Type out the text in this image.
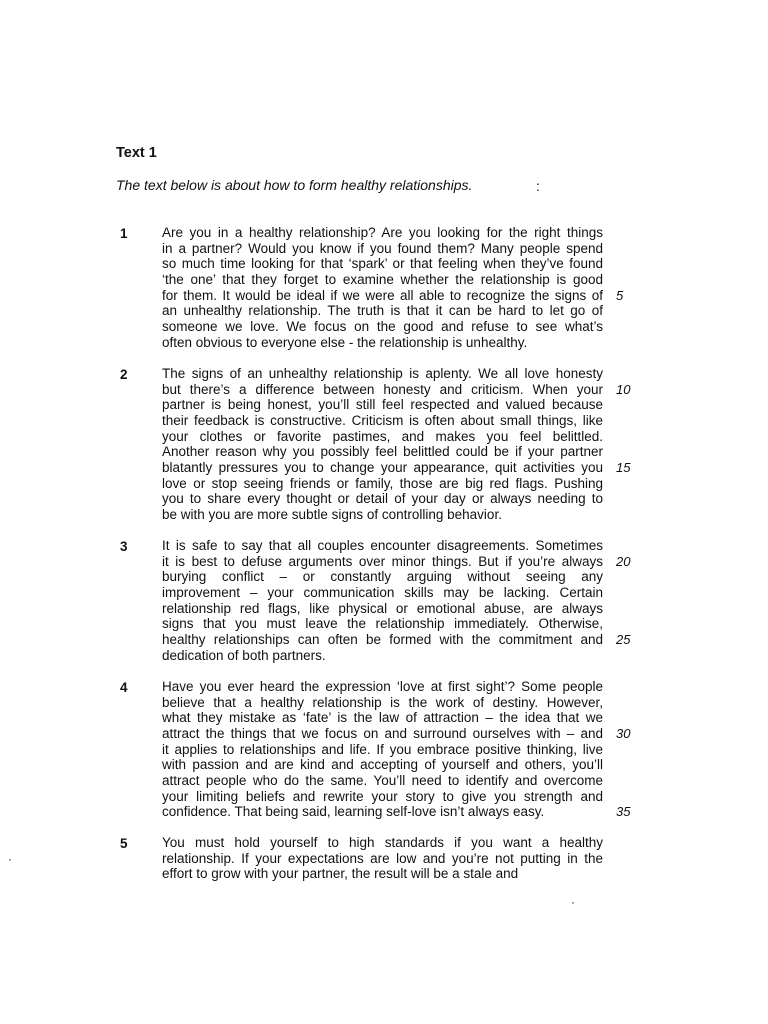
Text 1

The text below is about how to form healthy relationships.	:
1	Are you in a healthy relationship? Are you looking for the right things
in a partner? Would you know if you found them? Many people spend
so much time looking for that ‘spark’ or that feeling when they’ve found
‘the one’ that they forget to examine whether the relationship is good
for them. It would be ideal if we were all able to recognize the signs of
an unhealthy relationship. The truth is that it can be hard to let go of
someone we love. We focus on the good and refuse to see what’s
often obvious to everyone else - the relationship is unhealthy.
5
2	The signs of an unhealthy relationship is aplenty. We all love honesty
but there’s a difference between honesty and criticism. When your
partner is being honest, you’ll still feel respected and valued because
their feedback is constructive. Criticism is often about small things, like
your clothes or favorite pastimes, and makes you feel belittled.
Another reason why you possibly feel belittled could be if your partner
blatantly pressures you to change your appearance, quit activities you
love or stop seeing friends or family, those are big red flags. Pushing
you to share every thought or detail of your day or always needing to
be with you are more subtle signs of controlling behavior.
10
15
3	It is safe to say that all couples encounter disagreements. Sometimes
it is best to defuse arguments over minor things. But if you’re always
burying conflict – or constantly arguing without seeing any
improvement – your communication skills may be lacking. Certain
relationship red flags, like physical or emotional abuse, are always
signs that you must leave the relationship immediately. Otherwise,
healthy relationships can often be formed with the commitment and
dedication of both partners.
20
25
4	Have you ever heard the expression ‘love at first sight’? Some people
believe that a healthy relationship is the work of destiny. However,
what they mistake as ‘fate’ is the law of attraction – the idea that we
attract the things that we focus on and surround ourselves with – and
it applies to relationships and life. If you embrace positive thinking, live
with passion and are kind and accepting of yourself and others, you’ll
attract people who do the same. You’ll need to identify and overcome
your limiting beliefs and rewrite your story to give you strength and
confidence. That being said, learning self-love isn’t always easy.
30
35
5	You must hold yourself to high standards if you want a healthy
relationship. If your expectations are low and you’re not putting in the
effort to grow with your partner, the result will be a stale and
·
·
